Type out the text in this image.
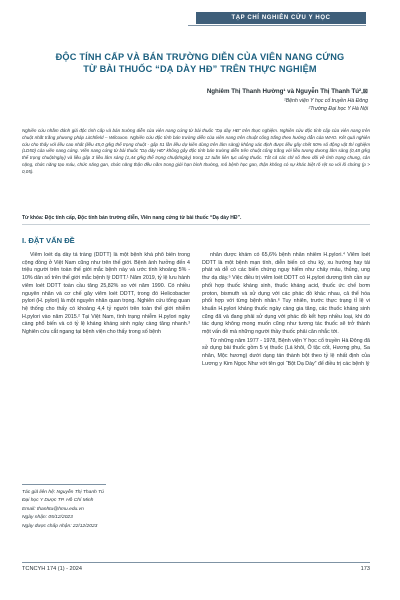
TẠP CHÍ NGHIÊN CỨU Y HỌC
ĐỘC TÍNH CẤP VÀ BÁN TRƯỜNG DIỄN CỦA VIÊN NANG CỨNG
TỪ BÀI THUỐC “DẠ DÀY HĐ” TRÊN THỰC NGHIỆM
Nghiêm Thị Thanh Hường¹ và Nguyễn Thị Thanh Tú²,⊠
¹Bệnh viện Y học cổ truyền Hà Đông
²Trường Đại học Y Hà Nội
Nghiên cứu nhằm đánh giá độc tính cấp và bán trường diễn của viên nang cứng từ bài thuốc “Dạ dày HĐ” trên thực nghiệm. Nghiên cứu độc tính cấp của viên nang trên chuột nhắt trắng phương pháp Litchfield – Wilcoxon. Nghiên cứu độc tính bán trường diễn của viên nang trên chuột cống trắng theo hướng dẫn của WHO. Kết quả nghiên cứu cho thấy với liều cao nhất (liều 45,0 g/kg thể trọng chuột - gấp 51 lần liều dự kiến dùng trên lâm sàng) không xác định được liều gây chết 50% số động vật thí nghiệm (LD50) của viên nang cứng. Viên nang cứng từ bài thuốc “Dạ dày HĐ” không gây độc tính bán trường diễn trên chuột cống trắng với liều tương đương lâm sàng (0,48 g/kg thể trọng chuột/ngày) và liều gấp 3 liều lâm sàng (1,44 g/kg thể trọng chuột/ngày) trong 12 tuần liên tục uống thuốc. Tất cả các chỉ số theo dõi về tình trạng chung, cân nặng, chức năng tạo máu, chức năng gan, chức năng thận đều nằm trong giới hạn bình thường, mô bệnh học gan, thận không có sự khác biệt rõ rệt so với lô chứng (p > 0,05).
Từ khóa: Độc tính cấp, Độc tính bán trường diễn, Viên nang cứng từ bài thuốc “Dạ dày HĐ”.
I. ĐẶT VẤN ĐỀ

Viêm loét dạ dày tá tràng (DDTT) là một bệnh khá phổ biến trong cộng đồng ở Việt Nam cũng như trên thế giới. Bệnh ảnh hưởng đến 4 triệu người trên toàn thế giới mắc bệnh này và ước tính khoảng 5% - 10% dân số trên thế giới mắc bệnh lý DDTT.¹ Năm 2019, tỷ lệ lưu hành viêm loét DDTT toàn cầu tăng 25,82% so với năm 1990. Có nhiều nguyên nhân và cơ chế gây viêm loét DDTT, trong đó Helicobacter pylori (H. pylori) là một nguyên nhân quan trọng. Nghiên cứu tổng quan hệ thống cho thấy có khoảng 4,4 tỷ người trên toàn thế giới nhiễm H.pylori vào năm 2015.² Tại Việt Nam, tình trạng nhiễm H.pylori ngày càng phổ biến và có tỷ lệ kháng kháng sinh ngày càng tăng nhanh.³ Nghiên cứu cắt ngang tại bệnh viện cho thấy trong số bệnh

nhân được khám có 65,6% bệnh nhân nhiễm H.pylori.⁴ Viêm loét DDTT là một bệnh mạn tính, diễn biến có chu kỳ, xu hướng hay tái phát và dễ có các biến chứng nguy hiểm như chảy máu, thủng, ung thư dạ dày.⁵ Việc điều trị viêm loét DDTT có H.pylori dương tính cần sự phối hợp thuốc kháng sinh, thuốc kháng acid, thuốc ức chế bơm proton, bismuth và sử dụng với các phác đồ khác nhau, cả thể hóa phối hợp với từng bệnh nhân.⁶ Tuy nhiên, trước thực trạng tỉ lệ vi khuẩn H.pylori kháng thuốc ngày càng gia tăng, các thuốc kháng sinh cũng đã và đang phải sử dụng với phác đồ kết hợp nhiều loại, khi đó tác dụng không mong muốn cũng như tương tác thuốc sẽ trở thành một vấn đề mà những người thầy thuốc phải cân nhắc tới.

Từ những năm 1977 - 1978, Bệnh viện Y học cổ truyền Hà Đông đã sử dụng bài thuốc gồm 5 vị thuốc (Lá khôi, Ô tặc cốt, Hương phụ, Sa nhân, Mộc hương) dưới dạng tán thành bột theo tỷ lệ nhất định của Lương y Kim Ngọc Như với tên gọi “Bột Dạ Dày” để điều trị các bệnh lý

Tác giả liên hệ: Nguyễn Thị Thanh Tú
Đại học Y Dược TP. Hồ Chí Minh
Email: thanhtu@hmu.edu.vn
Ngày nhận: 05/12/2023
Ngày được chấp nhận: 22/12/2023
TCNCYH 174 (1) - 2024	173
